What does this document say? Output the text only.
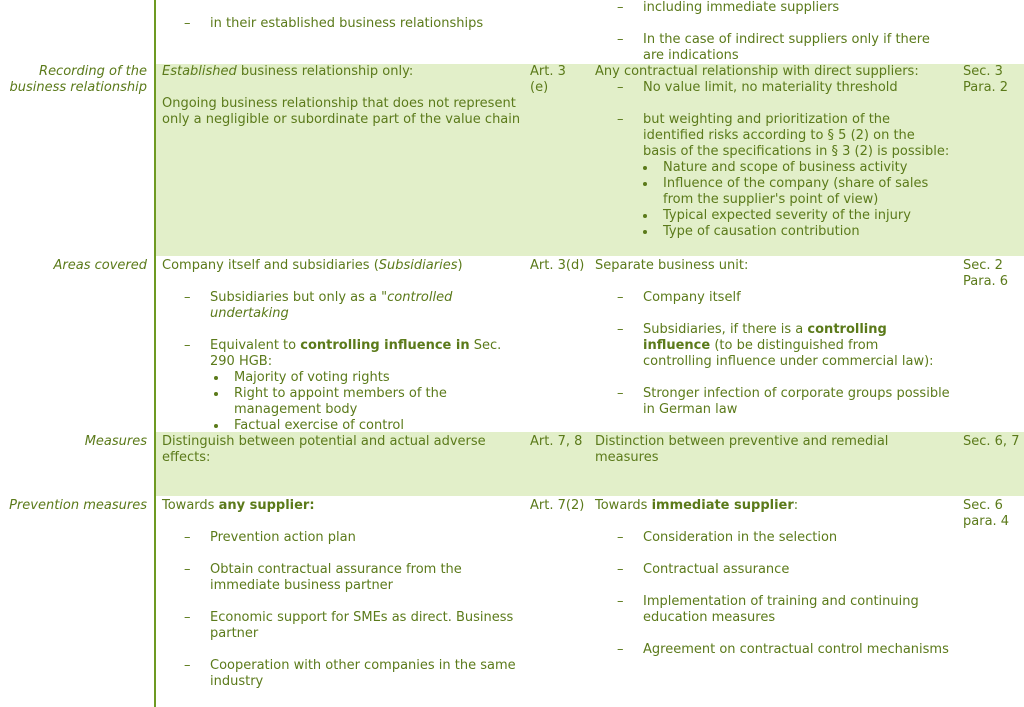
– in their established business relationships

– including immediate suppliers

– In the case of indirect suppliers only if there are indications

Recording of the business relationship

Established business relationship only:

Ongoing business relationship that does not represent only a negligible or subordinate part of the value chain

Art. 3 (e)

Any contractual relationship with direct suppliers:

– No value limit, no materiality threshold

– but weighting and prioritization of the identified risks according to § 5 (2) on the basis of the specifications in § 3 (2) is possible:

Nature and scope of business activity

Influence of the company (share of sales from the supplier's point of view)

Typical expected severity of the injury

Type of causation contribution

Sec. 3 Para. 2
Areas covered Company itself and subsidiaries (Subsidiaries)

– Subsidiaries but only as a "controlled undertaking

– Equivalent to controlling influence in Sec. 290 HGB:

Majority of voting rights

Right to appoint members of the management body

Factual exercise of control

Art. 3(d) Separate business unit:

– Company itself

– Subsidiaries, if there is a controlling influence (to be distinguished from controlling influence under commercial law):

– Stronger infection of corporate groups possible in German law

Sec. 2 Para. 6
Measures Distinguish between potential and actual adverse effects:
Art. 7, 8 Distinction between preventive and remedial measures
Sec. 6, 7
Prevention measures Towards any supplier:

– Prevention action plan

– Obtain contractual assurance from the immediate business partner

– Economic support for SMEs as direct. Business partner

– Cooperation with other companies in the same industry

Art. 7(2) Towards immediate supplier:

– Consideration in the selection

– Contractual assurance

– Implementation of training and continuing education measures

– Agreement on contractual control mechanisms

Sec. 6 para. 4
